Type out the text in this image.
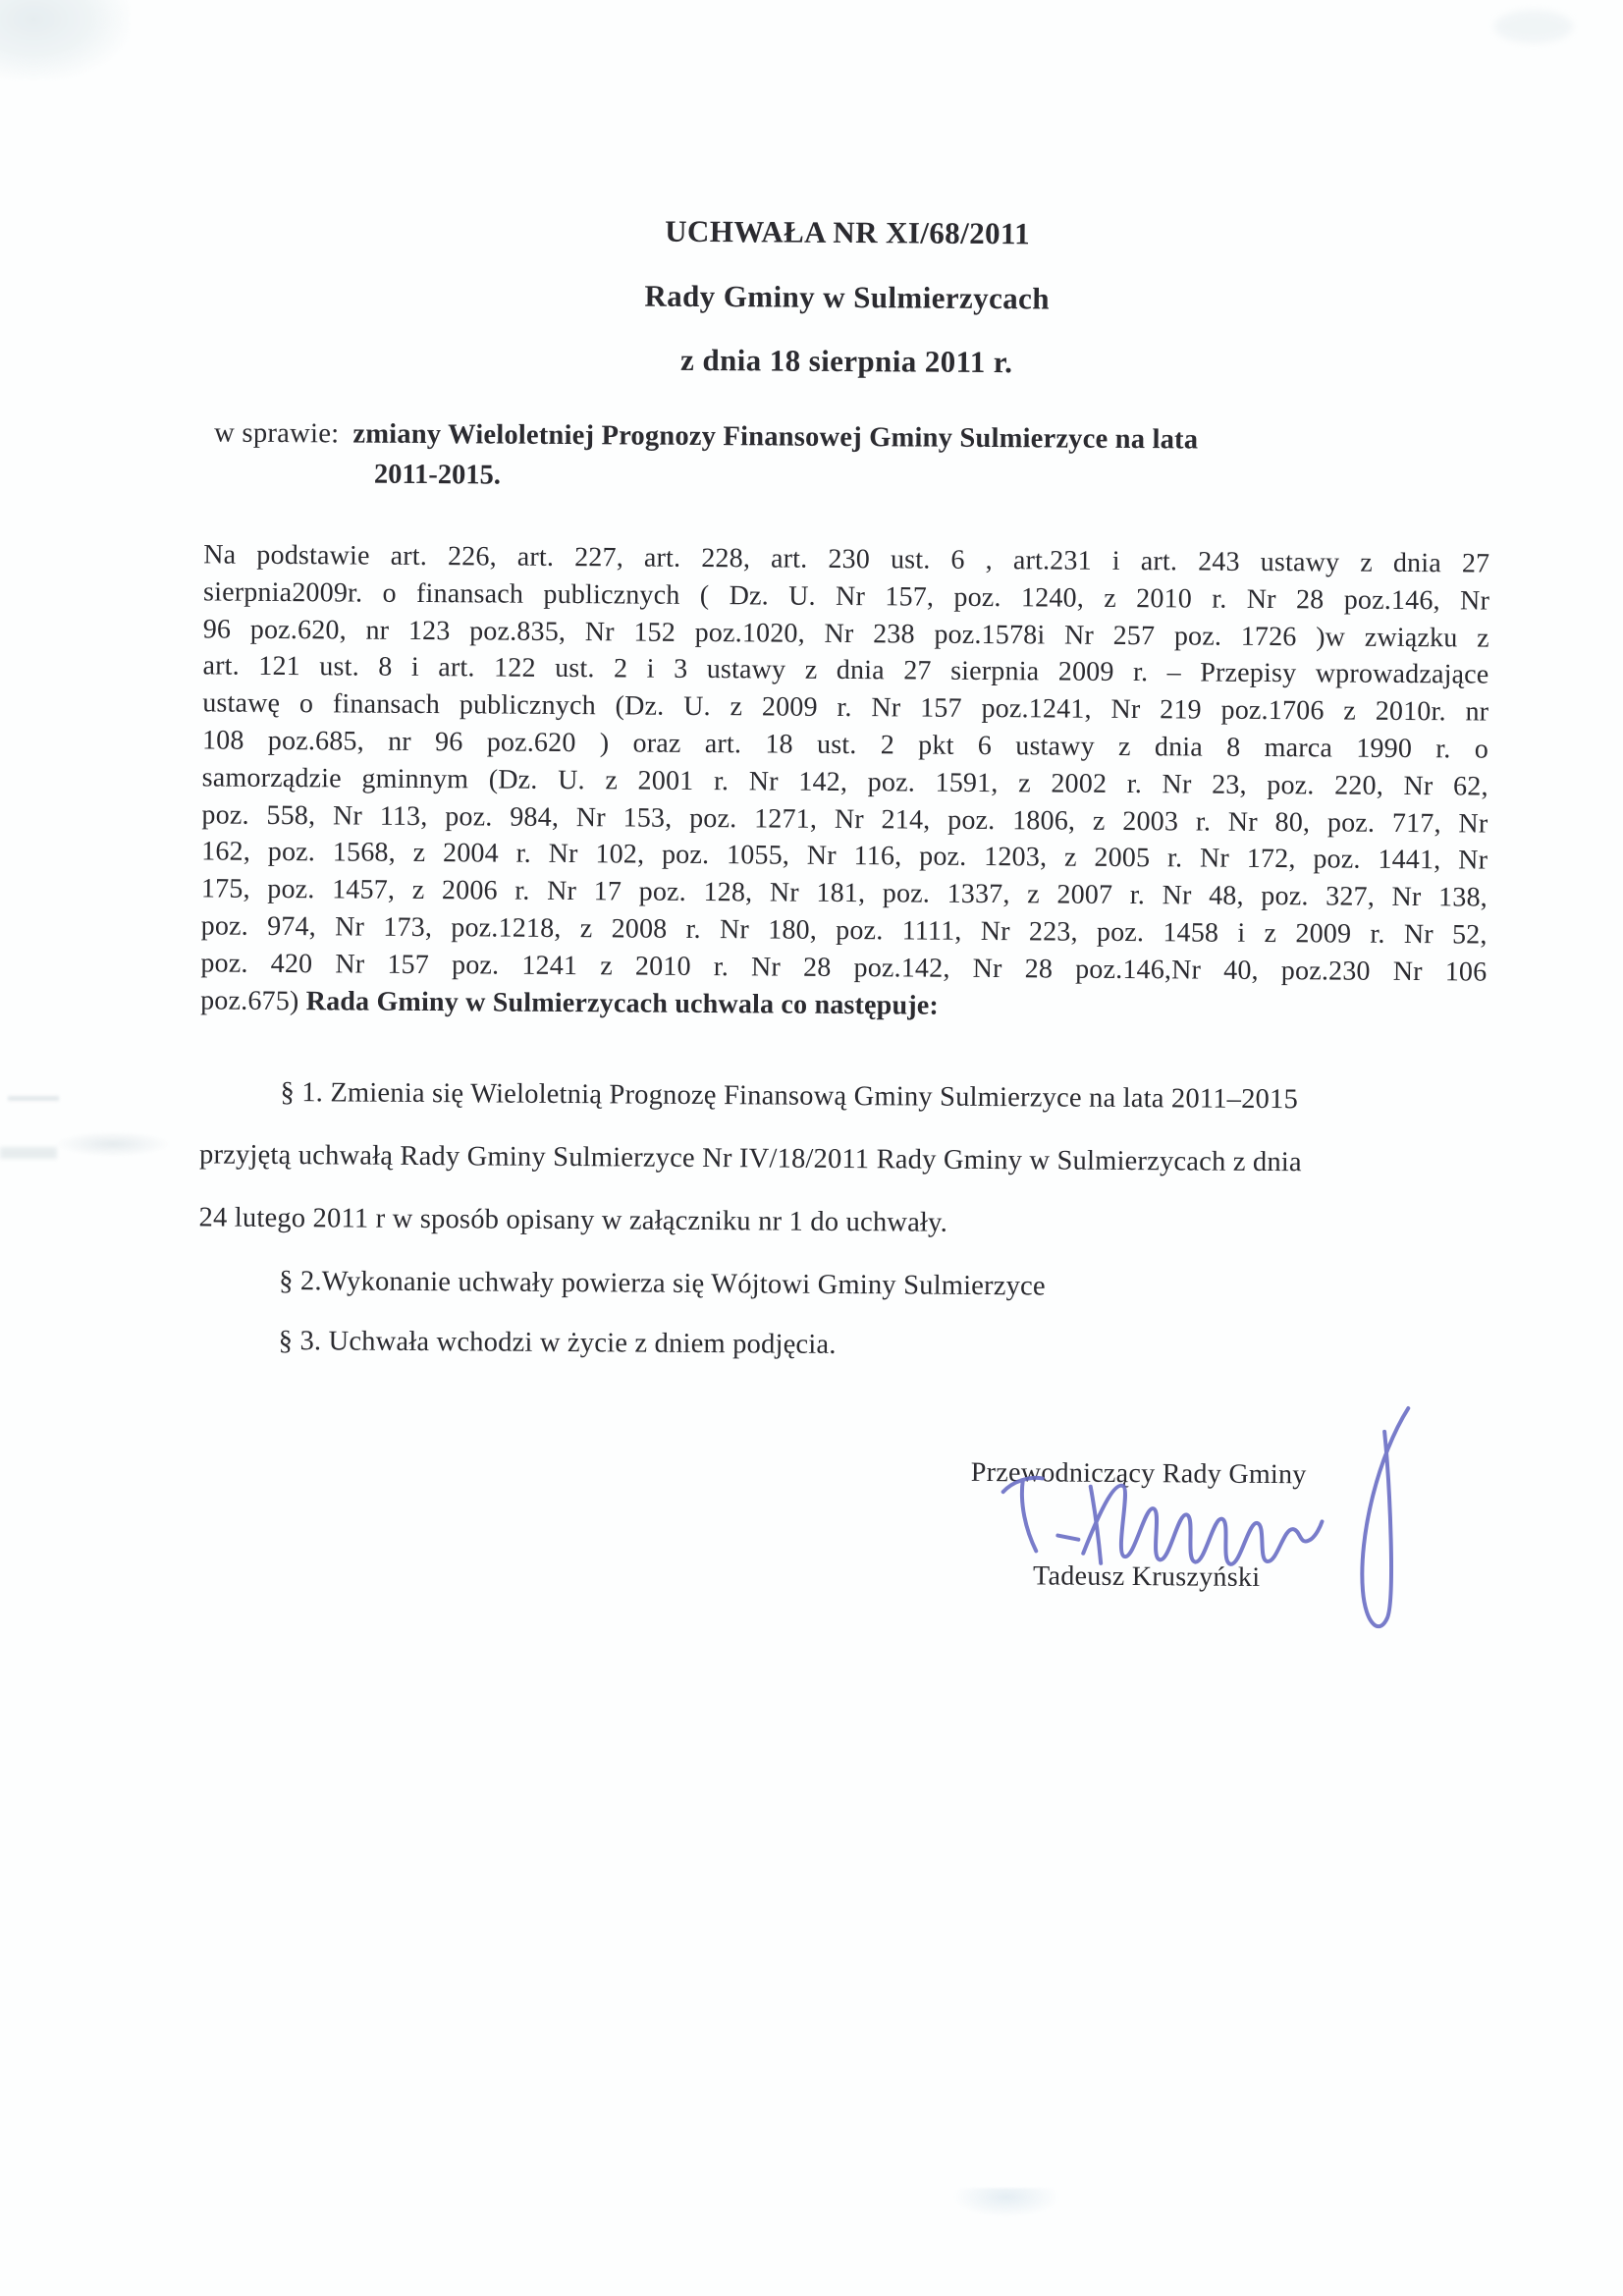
UCHWAŁA NR XI/68/2011
Rady Gminy w Sulmierzycach
z dnia 18 sierpnia 2011 r.
w sprawie: zmiany Wieloletniej Prognozy Finansowej Gminy Sulmierzyce na lata
2011-2015.
Na podstawie art. 226, art. 227, art. 228, art. 230 ust. 6 , art.231 i art. 243 ustawy z dnia 27
sierpnia2009r. o finansach publicznych ( Dz. U. Nr 157, poz. 1240, z 2010 r. Nr 28 poz.146, Nr
96 poz.620, nr 123 poz.835, Nr 152 poz.1020, Nr 238 poz.1578i Nr 257 poz. 1726 )w związku z
art. 121 ust. 8 i art. 122 ust. 2 i 3 ustawy z dnia 27 sierpnia 2009 r. – Przepisy wprowadzające
ustawę o finansach publicznych (Dz. U. z 2009 r. Nr 157 poz.1241, Nr 219 poz.1706 z 2010r. nr
108 poz.685, nr 96 poz.620 ) oraz art. 18 ust. 2 pkt 6 ustawy z dnia 8 marca 1990 r. o
samorządzie gminnym (Dz. U. z 2001 r. Nr 142, poz. 1591, z 2002 r. Nr 23, poz. 220, Nr 62,
poz. 558, Nr 113, poz. 984, Nr 153, poz. 1271, Nr 214, poz. 1806, z 2003 r. Nr 80, poz. 717, Nr
162, poz. 1568, z 2004 r. Nr 102, poz. 1055, Nr 116, poz. 1203, z 2005 r. Nr 172, poz. 1441, Nr
175, poz. 1457, z 2006 r. Nr 17 poz. 128, Nr 181, poz. 1337, z 2007 r. Nr 48, poz. 327, Nr 138,
poz. 974, Nr 173, poz.1218, z 2008 r. Nr 180, poz. 1111, Nr 223, poz. 1458 i z 2009 r. Nr 52,
poz. 420 Nr 157 poz. 1241 z 2010 r. Nr 28 poz.142, Nr 28 poz.146,Nr 40, poz.230 Nr 106
poz.675) Rada Gminy w Sulmierzycach uchwala co następuje:
§ 1. Zmienia się Wieloletnią Prognozę Finansową Gminy Sulmierzyce na lata 2011–2015
przyjętą uchwałą Rady Gminy Sulmierzyce Nr IV/18/2011 Rady Gminy w Sulmierzycach z dnia
24 lutego 2011 r w sposób opisany w załączniku nr 1 do uchwały.
§ 2.Wykonanie uchwały powierza się Wójtowi Gminy Sulmierzyce
§ 3. Uchwała wchodzi w życie z dniem podjęcia.
Przewodniczący Rady Gminy
Tadeusz Kruszyński
